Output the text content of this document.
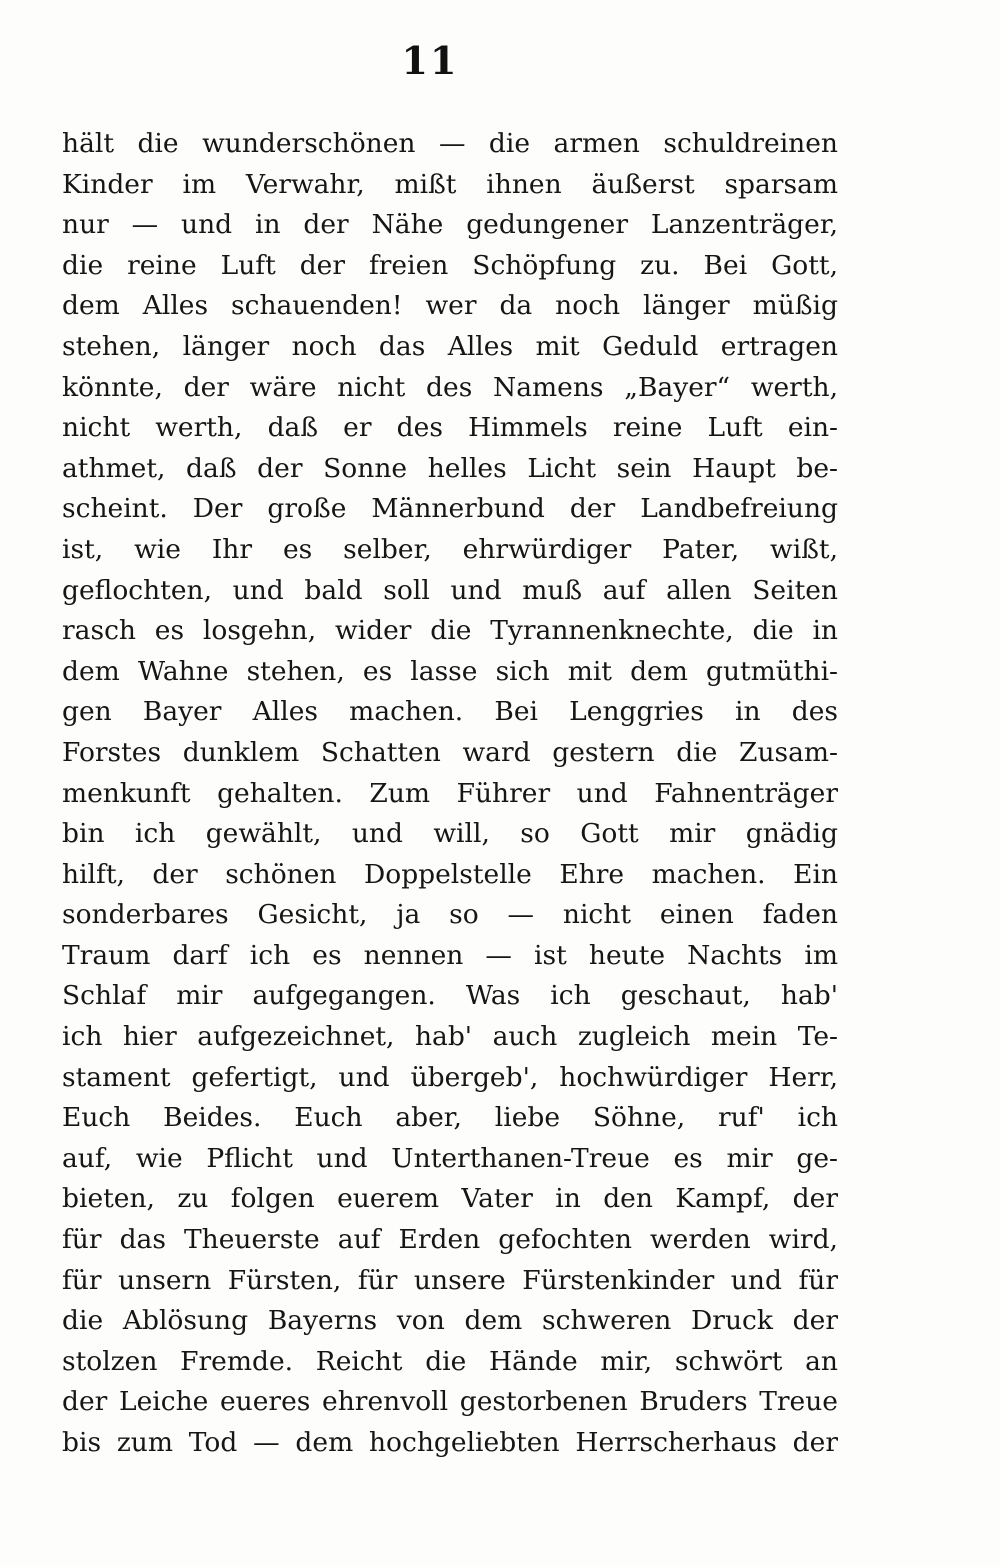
11
hält die wunderschönen — die armen schuldreinen
Kinder im Verwahr, mißt ihnen äußerst sparsam
nur — und in der Nähe gedungener Lanzenträger,
die reine Luft der freien Schöpfung zu. Bei Gott,
dem Alles schauenden! wer da noch länger müßig
stehen, länger noch das Alles mit Geduld ertragen
könnte, der wäre nicht des Namens „Bayer“ werth,
nicht werth, daß er des Himmels reine Luft ein-
athmet, daß der Sonne helles Licht sein Haupt be-
scheint. Der große Männerbund der Landbefreiung
ist, wie Ihr es selber, ehrwürdiger Pater, wißt,
geflochten, und bald soll und muß auf allen Seiten
rasch es losgehn, wider die Tyrannenknechte, die in
dem Wahne stehen, es lasse sich mit dem gutmüthi-
gen Bayer Alles machen. Bei Lenggries in des
Forstes dunklem Schatten ward gestern die Zusam-
menkunft gehalten. Zum Führer und Fahnenträger
bin ich gewählt, und will, so Gott mir gnädig
hilft, der schönen Doppelstelle Ehre machen. Ein
sonderbares Gesicht, ja so — nicht einen faden
Traum darf ich es nennen — ist heute Nachts im
Schlaf mir aufgegangen. Was ich geschaut, hab'
ich hier aufgezeichnet, hab' auch zugleich mein Te-
stament gefertigt, und übergeb', hochwürdiger Herr,
Euch Beides. Euch aber, liebe Söhne, ruf' ich
auf, wie Pflicht und Unterthanen-Treue es mir ge-
bieten, zu folgen euerem Vater in den Kampf, der
für das Theuerste auf Erden gefochten werden wird,
für unsern Fürsten, für unsere Fürstenkinder und für
die Ablösung Bayerns von dem schweren Druck der
stolzen Fremde. Reicht die Hände mir, schwört an
der Leiche eueres ehrenvoll gestorbenen Bruders Treue
bis zum Tod — dem hochgeliebten Herrscherhaus der
